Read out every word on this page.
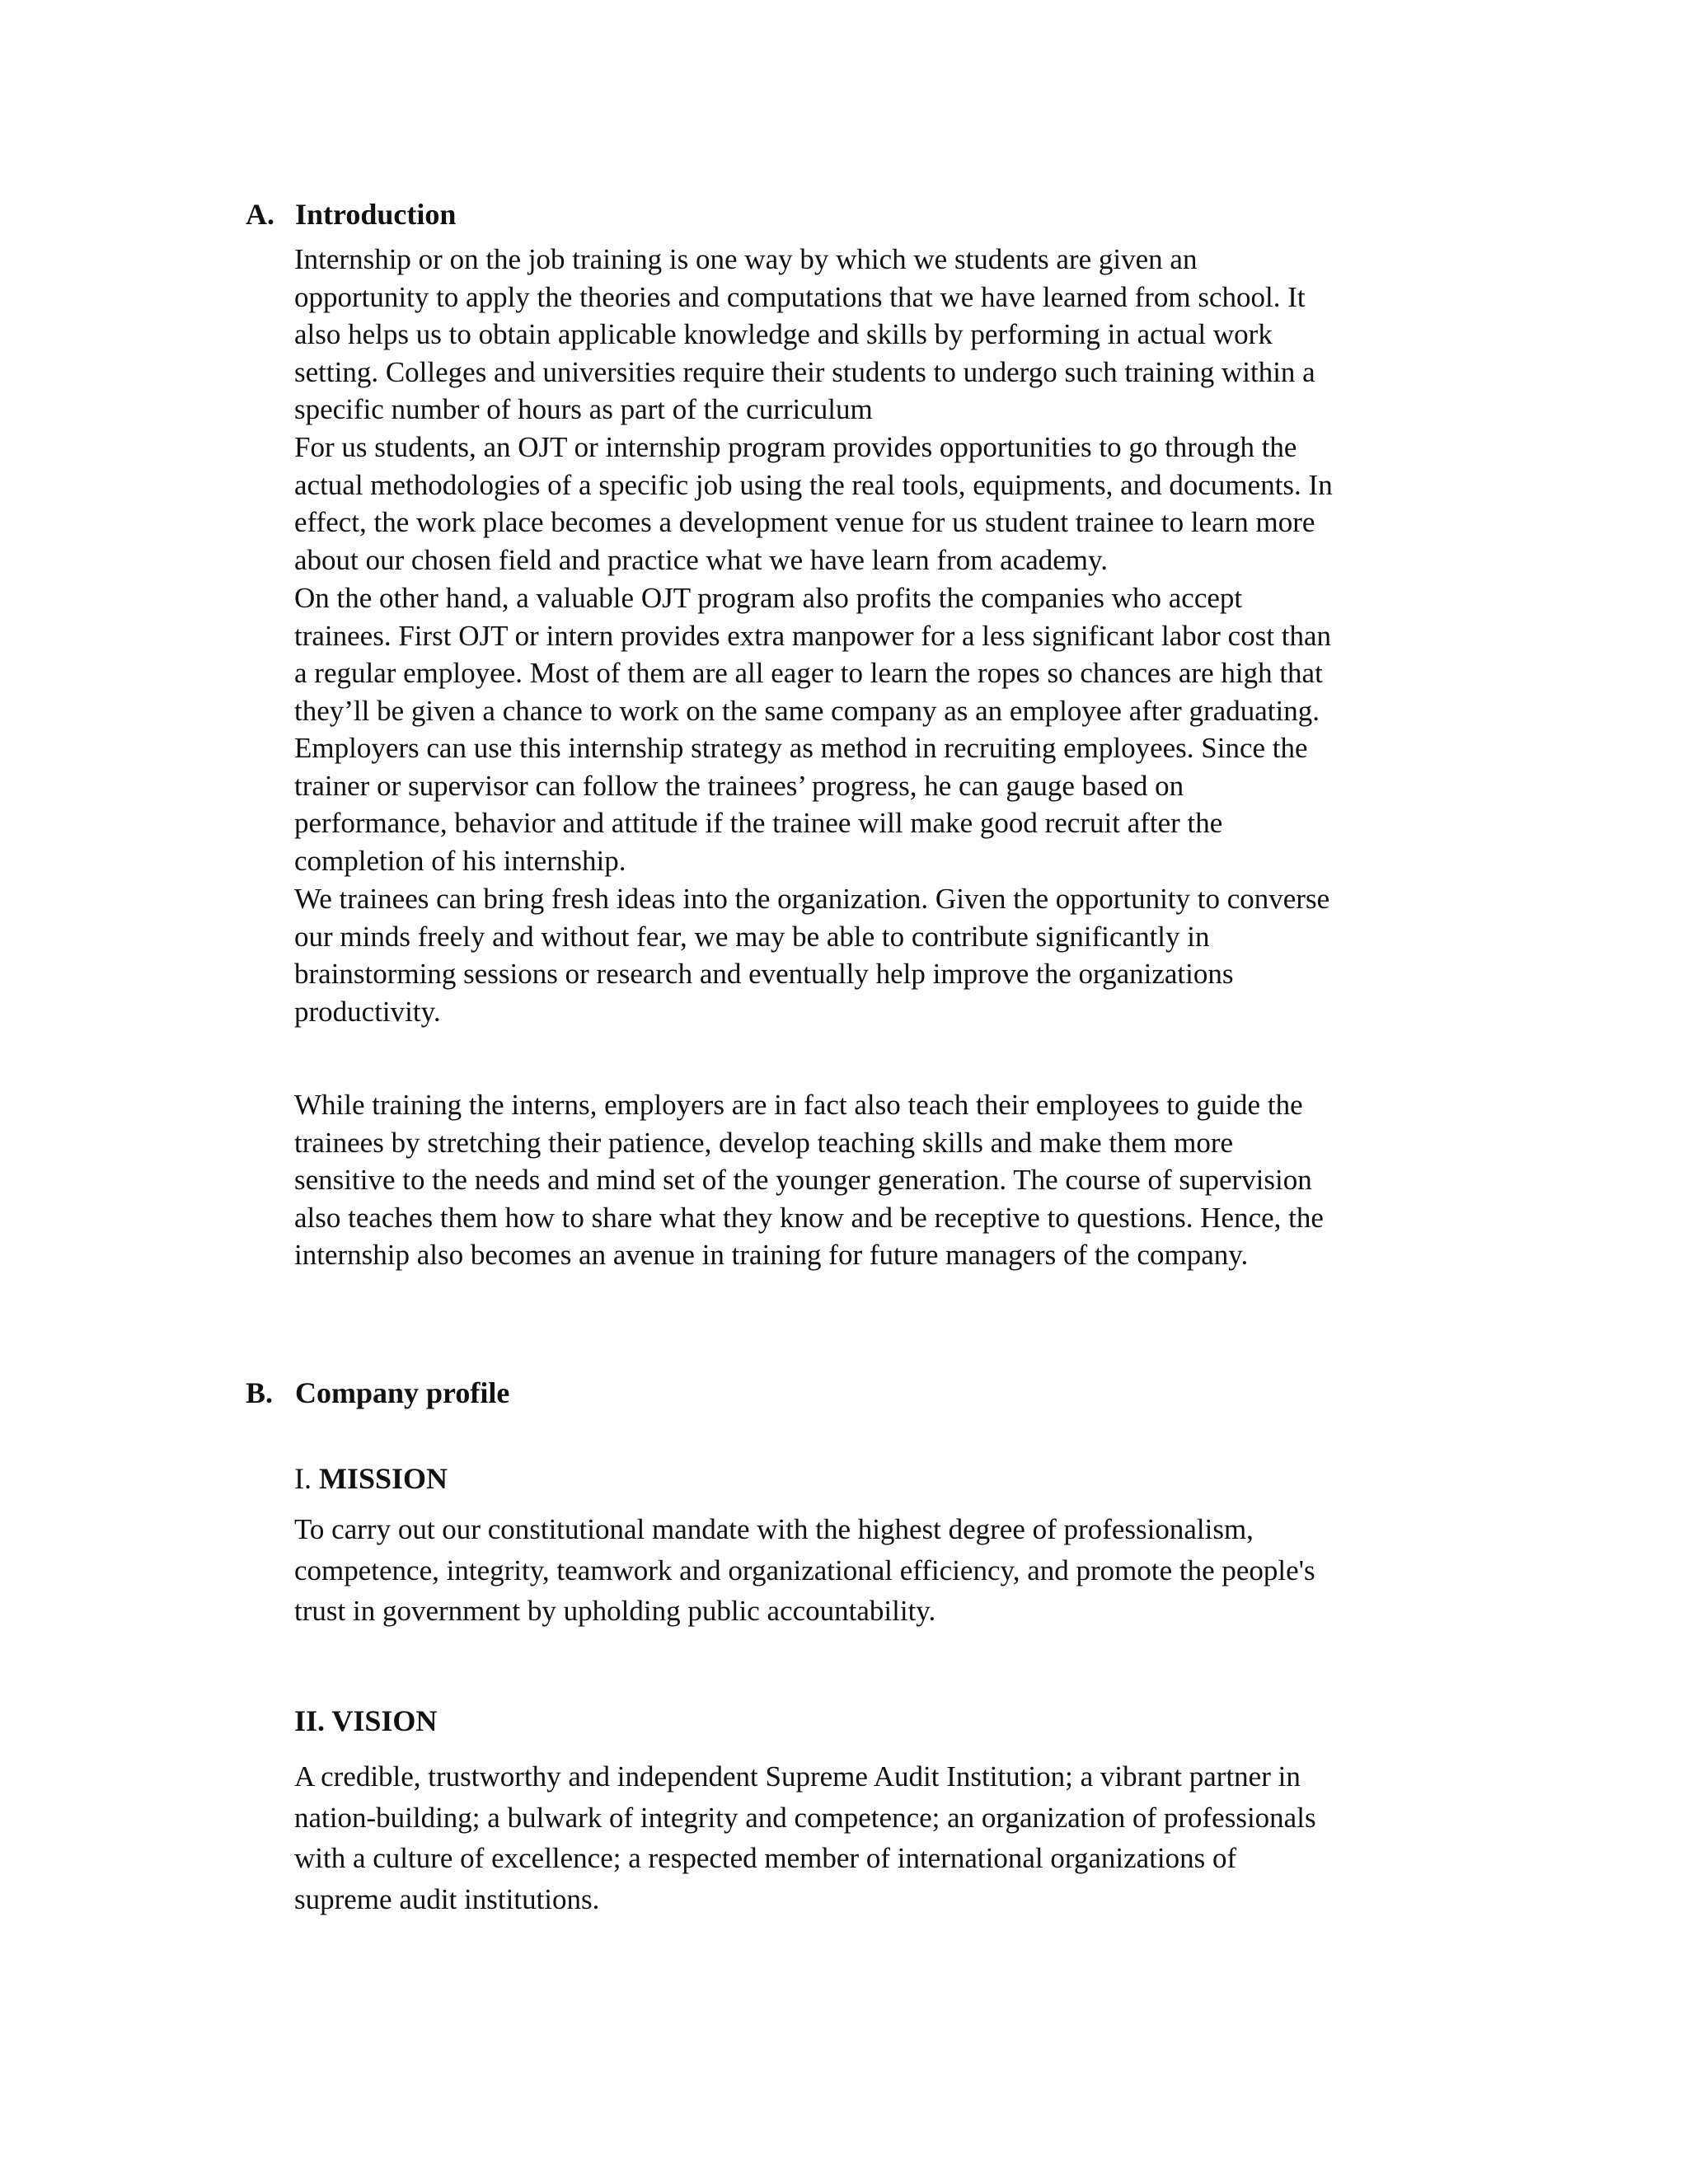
A. Introduction
Internship or on the job training is one way by which we students are given an
opportunity to apply the theories and computations that we have learned from school. It
also helps us to obtain applicable knowledge and skills by performing in actual work
setting. Colleges and universities require their students to undergo such training within a
specific number of hours as part of the curriculum
For us students, an OJT or internship program provides opportunities to go through the
actual methodologies of a specific job using the real tools, equipments, and documents. In
effect, the work place becomes a development venue for us student trainee to learn more
about our chosen field and practice what we have learn from academy.
On the other hand, a valuable OJT program also profits the companies who accept
trainees. First OJT or intern provides extra manpower for a less significant labor cost than
a regular employee. Most of them are all eager to learn the ropes so chances are high that
they’ll be given a chance to work on the same company as an employee after graduating.
Employers can use this internship strategy as method in recruiting employees. Since the
trainer or supervisor can follow the trainees’ progress, he can gauge based on
performance, behavior and attitude if the trainee will make good recruit after the
completion of his internship.
We trainees can bring fresh ideas into the organization. Given the opportunity to converse
our minds freely and without fear, we may be able to contribute significantly in
brainstorming sessions or research and eventually help improve the organizations
productivity.
While training the interns, employers are in fact also teach their employees to guide the
trainees by stretching their patience, develop teaching skills and make them more
sensitive to the needs and mind set of the younger generation. The course of supervision
also teaches them how to share what they know and be receptive to questions. Hence, the
internship also becomes an avenue in training for future managers of the company.
B. Company profile
I. MISSION
To carry out our constitutional mandate with the highest degree of professionalism,
competence, integrity, teamwork and organizational efficiency, and promote the people's
trust in government by upholding public accountability.
II. VISION
A credible, trustworthy and independent Supreme Audit Institution; a vibrant partner in
nation-building; a bulwark of integrity and competence; an organization of professionals
with a culture of excellence; a respected member of international organizations of
supreme audit institutions.
